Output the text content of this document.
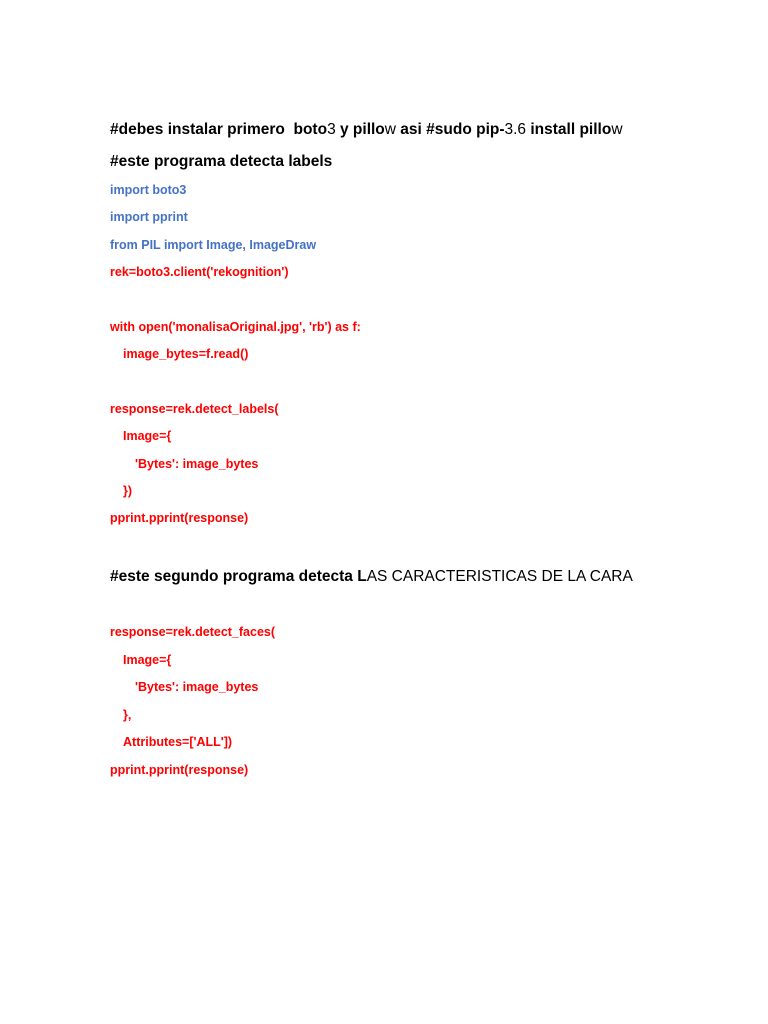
#debes instalar primero  boto3 y pillow asi #sudo pip-3.6 install pillow
#este programa detecta labels
import boto3
import pprint
from PIL import Image, ImageDraw
rek=boto3.client('rekognition')
with open('monalisaOriginal.jpg', 'rb') as f:
image_bytes=f.read()
response=rek.detect_labels(
Image={
'Bytes': image_bytes
})
pprint.pprint(response)
#este segundo programa detecta LAS CARACTERISTICAS DE LA CARA
response=rek.detect_faces(
Image={
'Bytes': image_bytes
},
Attributes=['ALL'])
pprint.pprint(response)
